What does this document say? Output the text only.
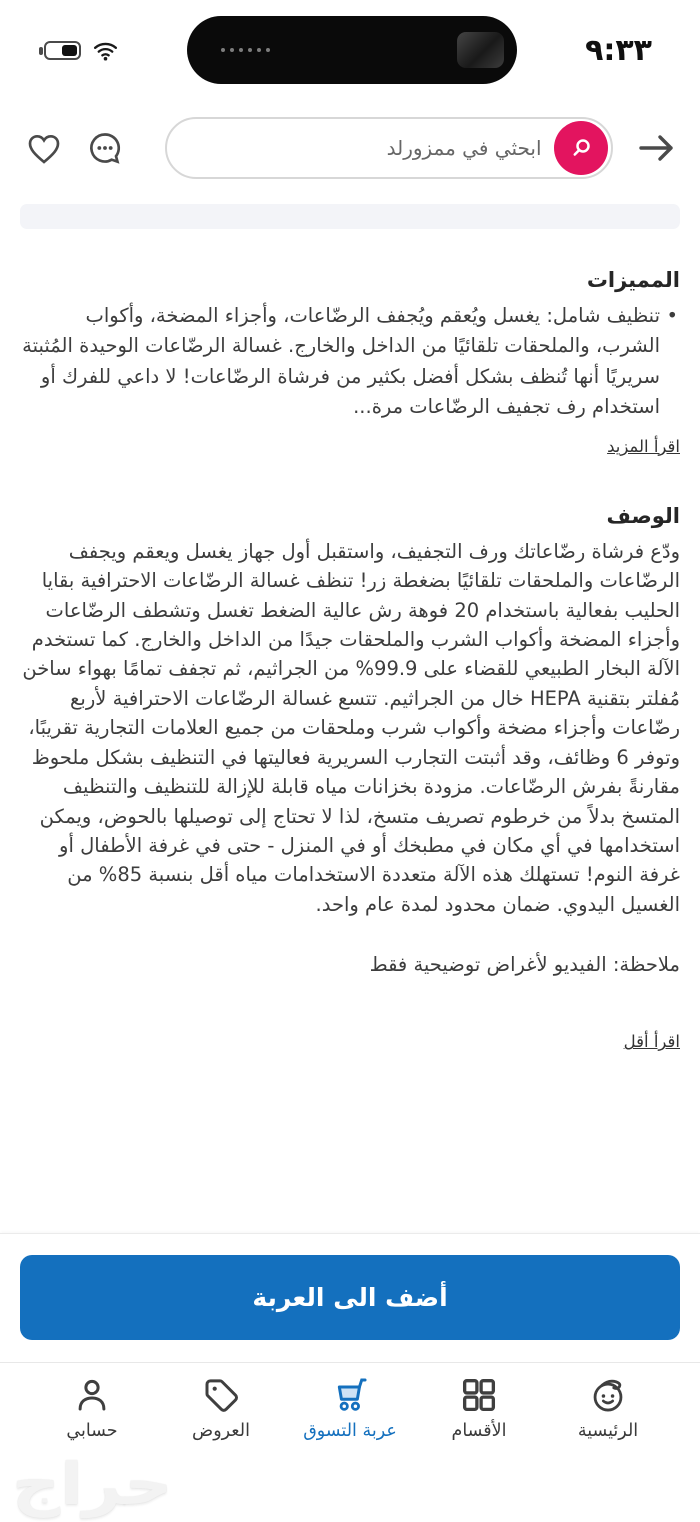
٩:٣٣
ابحثي في ممزورلد
المميزات
• تنظيف شامل: يغسل ويُعقم ويُجفف الرضّاعات، وأجزاء المضخة، وأكواب الشرب، والملحقات تلقائيًا من الداخل والخارج. غسالة الرضّاعات الوحيدة المُثبتة سريريًا أنها تُنظف بشكل أفضل بكثير من فرشاة الرضّاعات! لا داعي للفرك أو استخدام رف تجفيف الرضّاعات مرة...
اقرأ المزيد
الوصف

ودّع فرشاة رضّاعاتك ورف التجفيف، واستقبل أول جهاز يغسل ويعقم ويجفف الرضّاعات والملحقات تلقائيًا بضغطة زر! تنظف غسالة الرضّاعات الاحترافية بقايا الحليب بفعالية باستخدام 20 فوهة رش عالية الضغط تغسل وتشطف الرضّاعات وأجزاء المضخة وأكواب الشرب والملحقات جيدًا من الداخل والخارج. كما تستخدم الآلة البخار الطبيعي للقضاء على 99.9% من الجراثيم، ثم تجفف تمامًا بهواء ساخن مُفلتر بتقنية HEPA خال من الجراثيم. تتسع غسالة الرضّاعات الاحترافية لأربع رضّاعات وأجزاء مضخة وأكواب شرب وملحقات من جميع العلامات التجارية تقريبًا، وتوفر 6 وظائف، وقد أثبتت التجارب السريرية فعاليتها في التنظيف بشكل ملحوظ مقارنةً بفرش الرضّاعات. مزودة بخزانات مياه قابلة للإزالة للتنظيف والتنظيف المتسخ بدلاً من خرطوم تصريف متسخ، لذا لا تحتاج إلى توصيلها بالحوض، ويمكن استخدامها في أي مكان في مطبخك أو في المنزل - حتى في غرفة الأطفال أو غرفة النوم! تستهلك هذه الآلة متعددة الاستخدامات مياه أقل بنسبة 85% من الغسيل اليدوي. ضمان محدود لمدة عام واحد.

ملاحظة: الفيديو لأغراض توضيحية فقط

اقرأ أقل
أضف الى العربة
الرئيسية
الأقسام
عربة التسوق
العروض
حسابي
حراج
